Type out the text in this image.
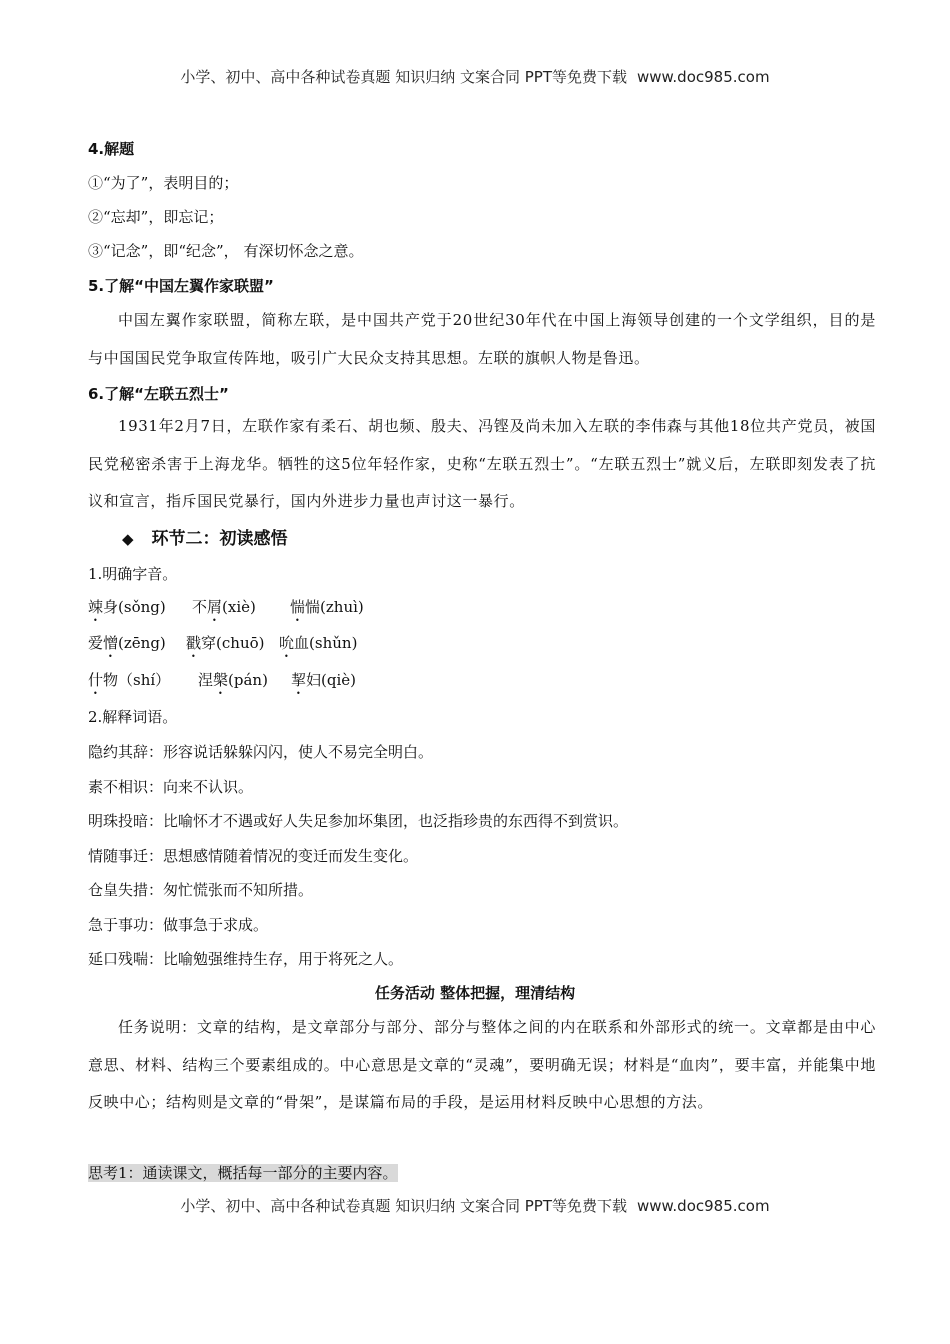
小学、初中、高中各种试卷真题 知识归纳 文案合同 PPT等免费下载 www.doc985.com
4.解题
①“为了”，表明目的；
②“忘却”，即忘记；
③“记念”，即“纪念”， 有深切怀念之意。
5.了解“中国左翼作家联盟”
中国左翼作家联盟，简称左联，是中国共产党于20世纪30年代在中国上海领导创建的一个文学组织，目的是与中国国民党争取宣传阵地，吸引广大民众支持其思想。左联的旗帜人物是鲁迅。
6.了解“左联五烈士”
1931年2月7日，左联作家有柔石、胡也频、殷夫、冯铿及尚未加入左联的李伟森与其他18位共产党员，被国民党秘密杀害于上海龙华。牺牲的这5位年轻作家，史称“左联五烈士”。“左联五烈士”就义后，左联即刻发表了抗议和宣言，指斥国民党暴行，国内外进步力量也声讨这一暴行。
◆ 环节二：初读感悟
1.明确字音。
竦身(sǒng) 不屑(xiè) 惴惴(zhuì)
爱憎(zēng) 戳穿(chuō) 吮血(shǔn)
什物（shí） 涅槃(pán) 挈妇(qiè)
2.解释词语。
隐约其辞：形容说话躲躲闪闪，使人不易完全明白。
素不相识：向来不认识。
明珠投暗：比喻怀才不遇或好人失足参加坏集团，也泛指珍贵的东西得不到赏识。
情随事迁：思想感情随着情况的变迁而发生变化。
仓皇失措：匆忙慌张而不知所措。
急于事功：做事急于求成。
延口残喘：比喻勉强维持生存，用于将死之人。
任务活动 整体把握，理清结构
任务说明：文章的结构，是文章部分与部分、部分与整体之间的内在联系和外部形式的统一。文章都是由中心意思、材料、结构三个要素组成的。中心意思是文章的“灵魂”，要明确无误；材料是“血肉”，要丰富，并能集中地反映中心；结构则是文章的“骨架”，是谋篇布局的手段，是运用材料反映中心思想的方法。
思考1：通读课文，概括每一部分的主要内容。
小学、初中、高中各种试卷真题 知识归纳 文案合同 PPT等免费下载 www.doc985.com
